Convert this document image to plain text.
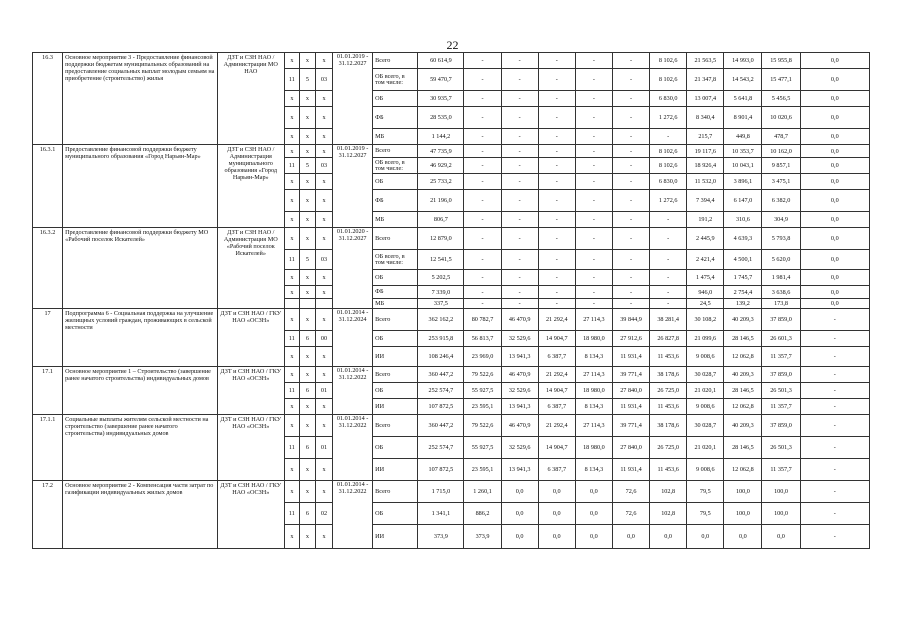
22
16.3	Основное мероприятие 3 - Предоставление финансовой поддержки бюджетам муниципальных образований на предоставление социальных выплат молодым семьям на приобретение (строительство) жилья	ДЗТ и СЗН НАО / Администрации МО НАО	х	х	х	01.01.2019 - 31.12.2027	Всего	60 614,9	-	-	-	-	-	8 102,6	21 563,5	14 993,0	15 955,8	0,0
			11	5	03		ОБ всего, в том числе:	59 470,7	-	-	-	-	-	8 102,6	21 347,8	14 543,2	15 477,1	0,0
			х	х	х		ОБ	30 935,7	-	-	-	-	-	6 830,0	13 007,4	5 641,8	5 456,5	0,0
			х	х	х		ФБ	28 535,0	-	-	-	-	-	1 272,6	8 340,4	8 901,4	10 020,6	0,0
			х	х	х		МБ	1 144,2	-	-	-	-	-	-	215,7	449,8	478,7	0,0
16.3.1	Предоставление финансовой поддержки бюджету муниципального образования «Город Нарьян-Мар»	ДЗТ и СЗН НАО / Администрация муниципального образования «Город Нарьян-Мар»	х	х	х	01.01.2019 - 31.12.2027	Всего	47 735,9	-	-	-	-	-	8 102,6	19 117,6	10 353,7	10 162,0	0,0
			11	5	03		ОБ всего, в том числе:	46 929,2	-	-	-	-	-	8 102,6	18 926,4	10 043,1	9 857,1	0,0
			х	х	х		ОБ	25 733,2	-	-	-	-	-	6 830,0	11 532,0	3 896,1	3 475,1	0,0
			х	х	х		ФБ	21 196,0	-	-	-	-	-	1 272,6	7 394,4	6 147,0	6 382,0	0,0
			х	х	х		МБ	806,7	-	-	-	-	-	-	191,2	310,6	304,9	0,0
16.3.2	Предоставление финансовой поддержки бюджету МО «Рабочий поселок Искателей»	ДЗТ и СЗН НАО / Администрация МО «Рабочий поселок Искателей»	х	х	х	01.01.2020 - 31.12.2027	Всего	12 879,0	-	-	-	-	-	-	2 445,9	4 639,3	5 793,8	0,0
			11	5	03		ОБ всего, в том числе:	12 541,5	-	-	-	-	-	-	2 421,4	4 500,1	5 620,0	0,0
			х	х	х		ОБ	5 202,5	-	-	-	-	-	-	1 475,4	1 745,7	1 981,4	0,0
			х	х	х		ФБ	7 339,0	-	-	-	-	-	-	946,0	2 754,4	3 638,6	0,0
							МБ	337,5	-	-	-	-	-	-	24,5	139,2	173,8	0,0
17	Подпрограмма 6 - Социальная поддержка на улучшение жилищных условий граждан, проживающих в сельской местности	ДЗТ и СЗН НАО / ГКУ НАО «ОСЗН»	х	х	х	01.01.2014 - 31.12.2024	Всего	362 162,2	80 782,7	46 470,9	21 292,4	27 114,3	39 844,9	38 281,4	30 108,2	40 209,3	37 859,0	-
			11	6	00		ОБ	253 915,8	56 813,7	32 529,6	14 904,7	18 980,0	27 912,6	26 827,8	21 099,6	28 146,5	26 601,3	-
			х	х	х		ИИ	108 246,4	23 969,0	13 941,3	6 387,7	8 134,3	11 931,4	11 453,6	9 008,6	12 062,8	11 357,7	-
17.1	Основное мероприятие 1 – Строительство (завершение ранее начатого строительства) индивидуальных домов	ДЗТ и СЗН НАО / ГКУ НАО «ОСЗН»	х	х	х	01.01.2014 - 31.12.2022	Всего	360 447,2	79 522,6	46 470,9	21 292,4	27 114,3	39 771,4	38 178,6	30 028,7	40 209,3	37 859,0	-
			11	6	01		ОБ	252 574,7	55 927,5	32 529,6	14 904,7	18 980,0	27 840,0	26 725,0	21 020,1	28 146,5	26 501,3	-
			х	х	х		ИИ	107 872,5	23 595,1	13 941,3	6 387,7	8 134,3	11 931,4	11 453,6	9 008,6	12 062,8	11 357,7	-
17.1.1	Социальные выплаты жителям сельской местности на строительство (завершение ранее начатого строительства) индивидуальных домов	ДЗТ и СЗН НАО / ГКУ НАО «ОСЗН»	х	х	х	01.01.2014 - 31.12.2022	Всего	360 447,2	79 522,6	46 470,9	21 292,4	27 114,3	39 771,4	38 178,6	30 028,7	40 209,3	37 859,0	-
			11	6	01		ОБ	252 574,7	55 927,5	32 529,6	14 904,7	18 980,0	27 840,0	26 725,0	21 020,1	28 146,5	26 501,3	-
			х	х	х		ИИ	107 872,5	23 595,1	13 941,3	6 387,7	8 134,3	11 931,4	11 453,6	9 008,6	12 062,8	11 357,7	-
17.2	Основное мероприятие 2 - Компенсация части затрат по газификации индивидуальных жилых домов	ДЗТ и СЗН НАО / ГКУ НАО «ОСЗН»	х	х	х	01.01.2014 - 31.12.2022	Всего	1 715,0	1 260,1	0,0	0,0	0,0	72,6	102,8	79,5	100,0	100,0	-
			11	6	02		ОБ	1 341,1	886,2	0,0	0,0	0,0	72,6	102,8	79,5	100,0	100,0	-
			х	х	х		ИИ	373,9	373,9	0,0	0,0	0,0	0,0	0,0	0,0	0,0	0,0	-
